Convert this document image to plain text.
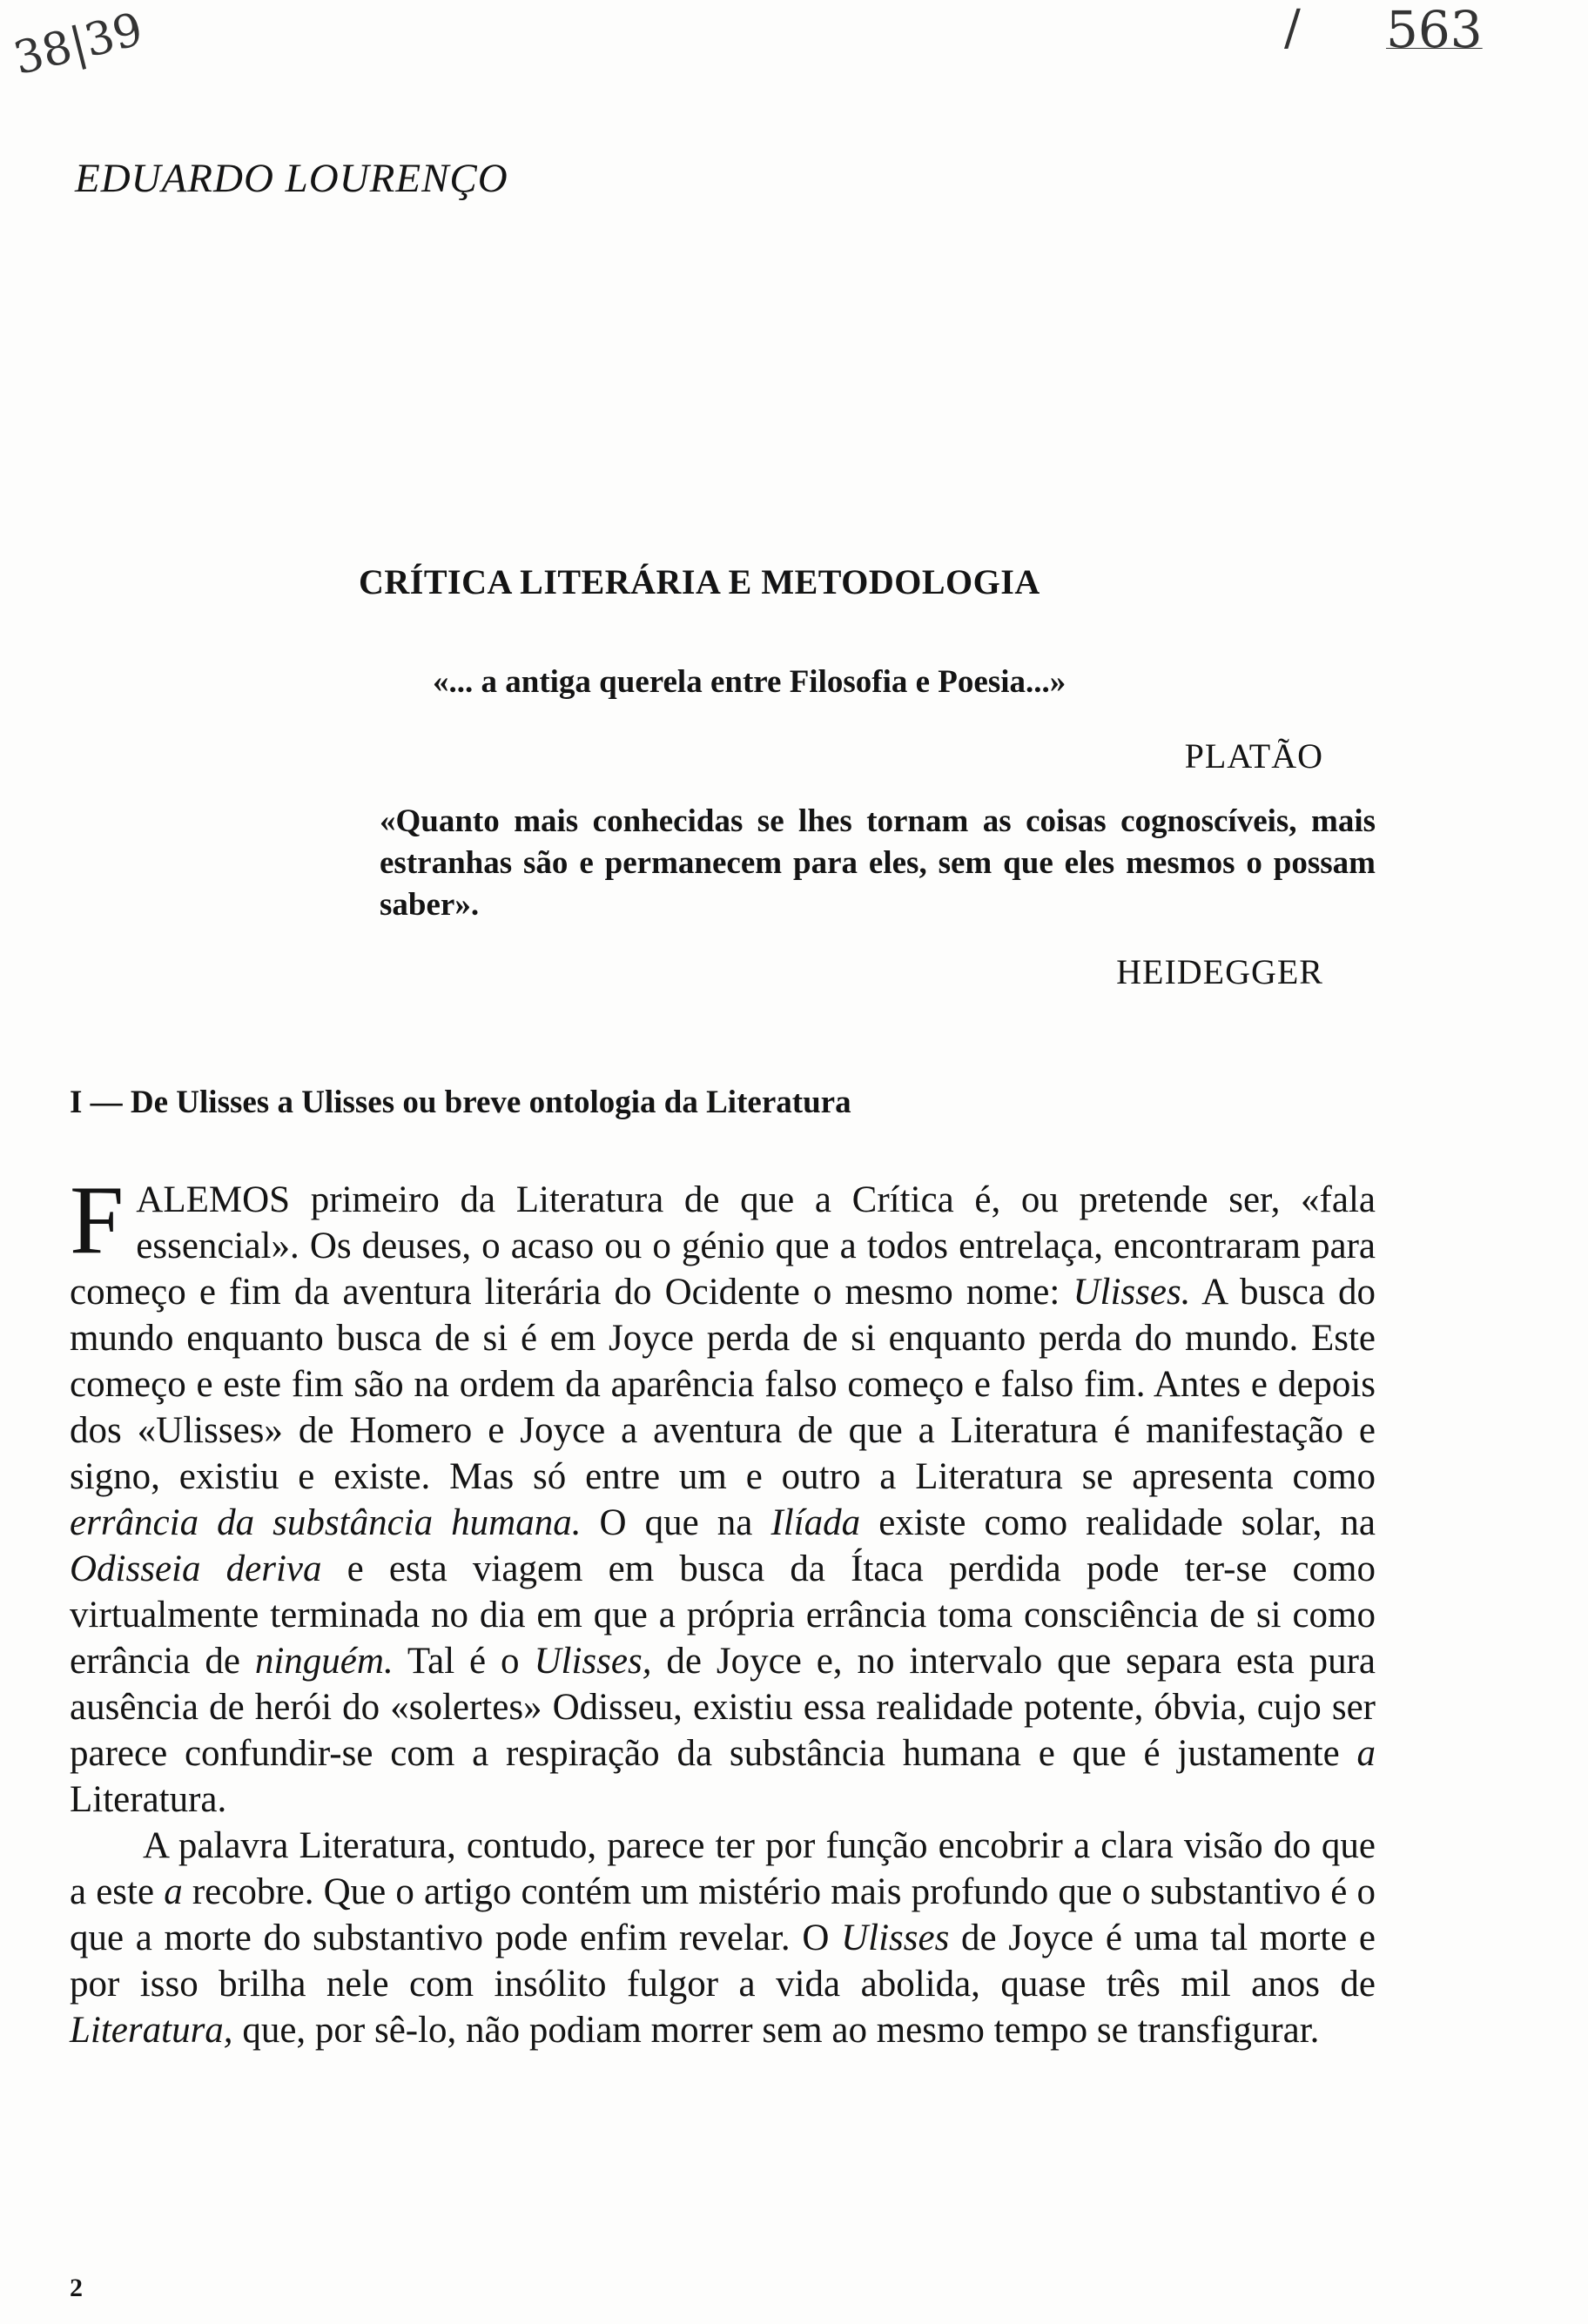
38|39	/ 563

EDUARDO LOURENÇO

CRÍTICA LITERÁRIA E METODOLOGIA

«... a antiga querela entre Filosofia e Poesia...»

PLATÃO

«Quanto mais conhecidas se lhes tornam as coisas cognoscíveis, mais estranhas são e permanecem para eles, sem que eles mesmos o possam saber».

HEIDEGGER

I — De Ulisses a Ulisses ou breve ontologia da Literatura

FALEMOS primeiro da Literatura de que a Crítica é, ou pretende ser, «fala essencial». Os deuses, o acaso ou o génio que a todos entrelaça, encontraram para começo e fim da aventura literária do Ocidente o mesmo nome: Ulisses. A busca do mundo enquanto busca de si é em Joyce perda de si enquanto perda do mundo. Este começo e este fim são na ordem da aparência falso começo e falso fim. Antes e depois dos «Ulisses» de Homero e Joyce a aventura de que a Literatura é manifestação e signo, existiu e existe. Mas só entre um e outro a Literatura se apresenta como errância da substância humana. O que na Ilíada existe como realidade solar, na Odisseia deriva e esta viagem em busca da Ítaca perdida pode ter-se como virtualmente terminada no dia em que a própria errância toma consciência de si como errância de ninguém. Tal é o Ulisses, de Joyce e, no intervalo que separa esta pura ausência de herói do «solertes» Odisseu, existiu essa realidade potente, óbvia, cujo ser parece confundir-se com a respiração da substância humana e que é justamente a Literatura.

A palavra Literatura, contudo, parece ter por função encobrir a clara visão do que a este a recobre. Que o artigo contém um mistério mais profundo que o substantivo é o que a morte do substantivo pode enfim revelar. O Ulisses de Joyce é uma tal morte e por isso brilha nele com insólito fulgor a vida abolida, quase três mil anos de Literatura, que, por sê-lo, não podiam morrer sem ao mesmo tempo se transfigurar.

2
